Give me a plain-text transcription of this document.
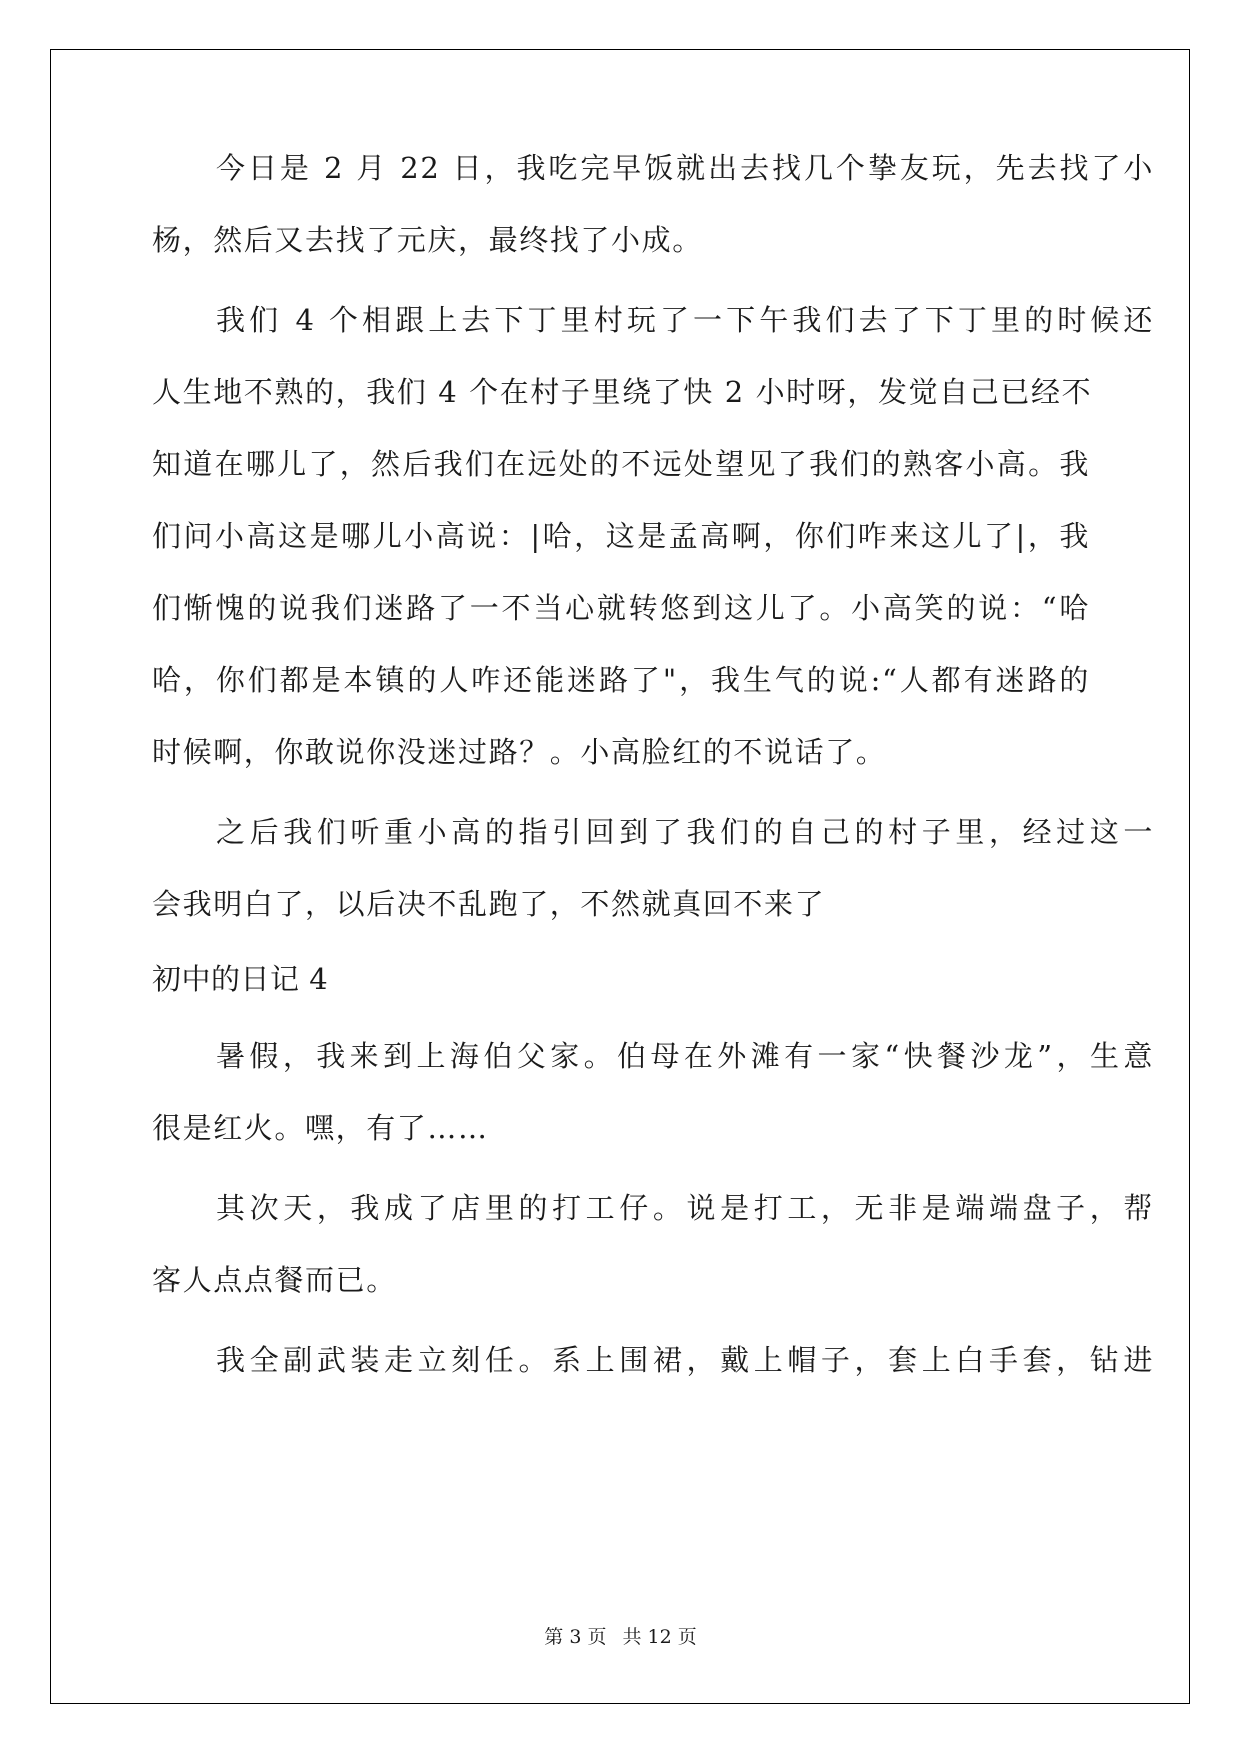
今日是 2 月 22 日，我吃完早饭就出去找几个挚友玩，先去找了小
杨，然后又去找了元庆，最终找了小成。
我们 4 个相跟上去下丁里村玩了一下午我们去了下丁里的时候还
人生地不熟的，我们 4 个在村子里绕了快 2 小时呀，发觉自己已经不
知道在哪儿了，然后我们在远处的不远处望见了我们的熟客小高。我
们问小高这是哪儿小高说：|哈，这是孟高啊，你们咋来这儿了|，我
们惭愧的说我们迷路了一不当心就转悠到这儿了。小高笑的说：“哈
哈，你们都是本镇的人咋还能迷路了"，我生气的说:“人都有迷路的
时候啊，你敢说你没迷过路？。小高脸红的不说话了。
之后我们听重小高的指引回到了我们的自己的村子里，经过这一
会我明白了，以后决不乱跑了，不然就真回不来了
初中的日记 4
暑假，我来到上海伯父家。伯母在外滩有一家“快餐沙龙”，生意
很是红火。嘿，有了……
其次天，我成了店里的打工仔。说是打工，无非是端端盘子，帮
客人点点餐而已。
我全副武装走立刻任。系上围裙，戴上帽子，套上白手套，钻进
第 3 页 共 12 页
